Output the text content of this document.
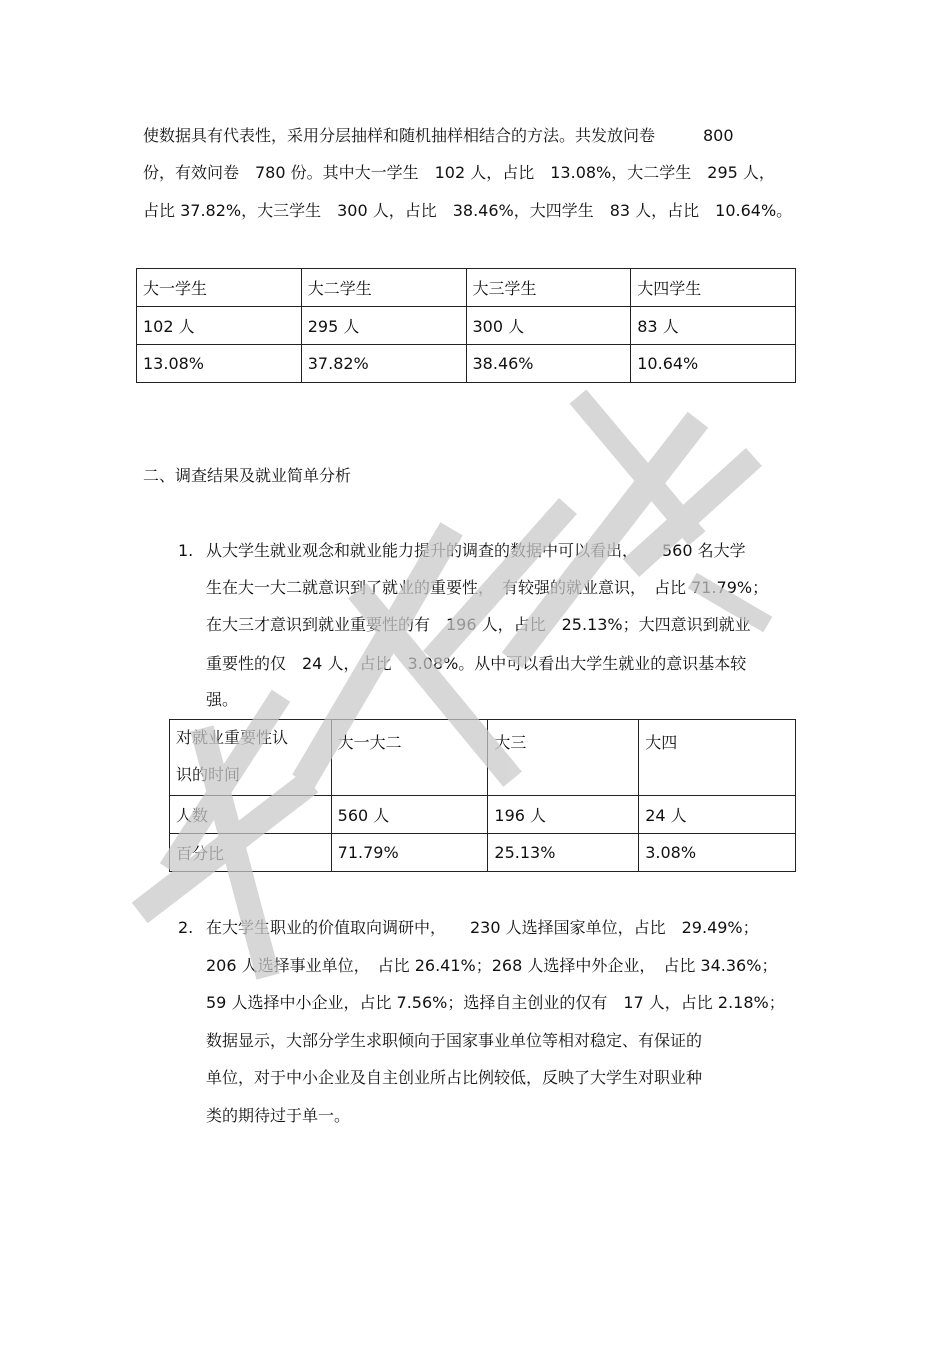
使数据具有代表性，采用分层抽样和随机抽样相结合的方法。共发放问卷　　　800
份，有效问卷　780 份。其中大一学生　102 人，占比　13.08%，大二学生　295 人，
占比 37.82%，大三学生　300 人，占比　38.46%，大四学生　83 人，占比　10.64%。
大一学生	大二学生	大三学生	大四学生
102 人	295 人	300 人	83 人
13.08%	37.82%	38.46%	10.64%
二、调查结果及就业简单分析
1. 从大学生就业观念和就业能力提升的调查的数据中可以看出，　　560 名大学
生在大一大二就意识到了就业的重要性，　有较强的就业意识，　占比 71.79%；
在大三才意识到就业重要性的有　196 人，占比　25.13%；大四意识到就业
重要性的仅　24 人，占比　3.08%。从中可以看出大学生就业的意识基本较
强。
对就业重要性认
识的时间	大一大二	大三	大四
人数	560 人	196 人	24 人
百分比	71.79%	25.13%	3.08%
2. 在大学生职业的价值取向调研中，　　230 人选择国家单位，占比　29.49%；
206 人选择事业单位，　占比 26.41%；268 人选择中外企业，　占比 34.36%；
59 人选择中小企业，占比 7.56%；选择自主创业的仅有　17 人，占比 2.18%；
数据显示，大部分学生求职倾向于国家事业单位等相对稳定、有保证的
单位，对于中小企业及自主创业所占比例较低，反映了大学生对职业种
类的期待过于单一。
